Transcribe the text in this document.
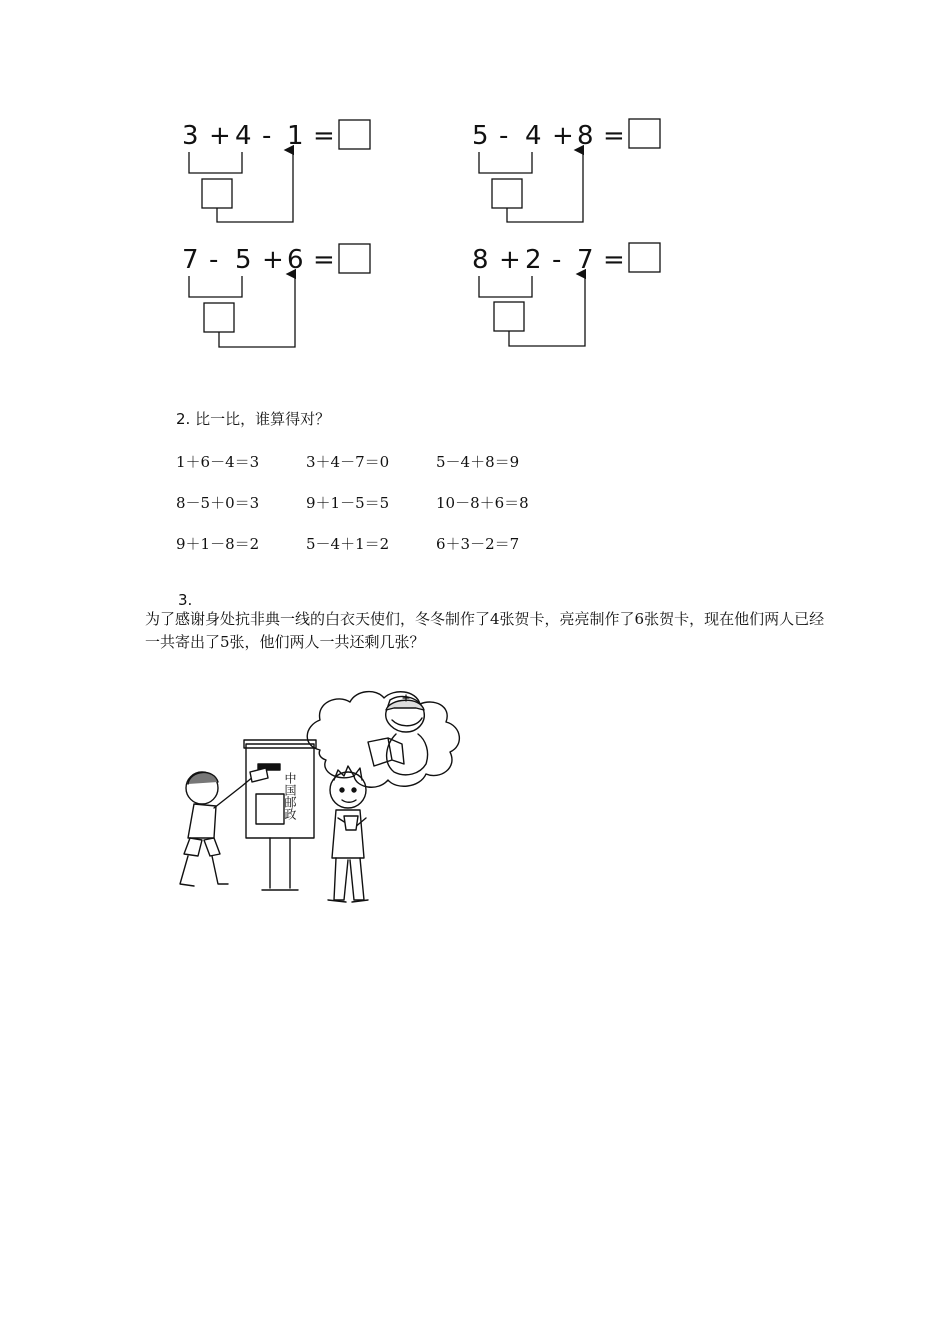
3 + 4 - 1 =	5 - 4 + 8 =
7 - 5 + 6 =	8 + 2 - 7 =
2. 比一比，谁算得对？
1＋6－4＝3	3＋4－7＝0	5－4＋8＝9
8－5＋0＝3	9＋1－5＝5	10－8＋6＝8
9＋1－8＝2	5－4＋1＝2	6＋3－2＝7
3.
为了感谢身处抗非典一线的白衣天使们，冬冬制作了4张贺卡，亮亮制作了6张贺卡，现在他们两人已经一共寄出了5张，他们两人一共还剩几张？
中国邮政
